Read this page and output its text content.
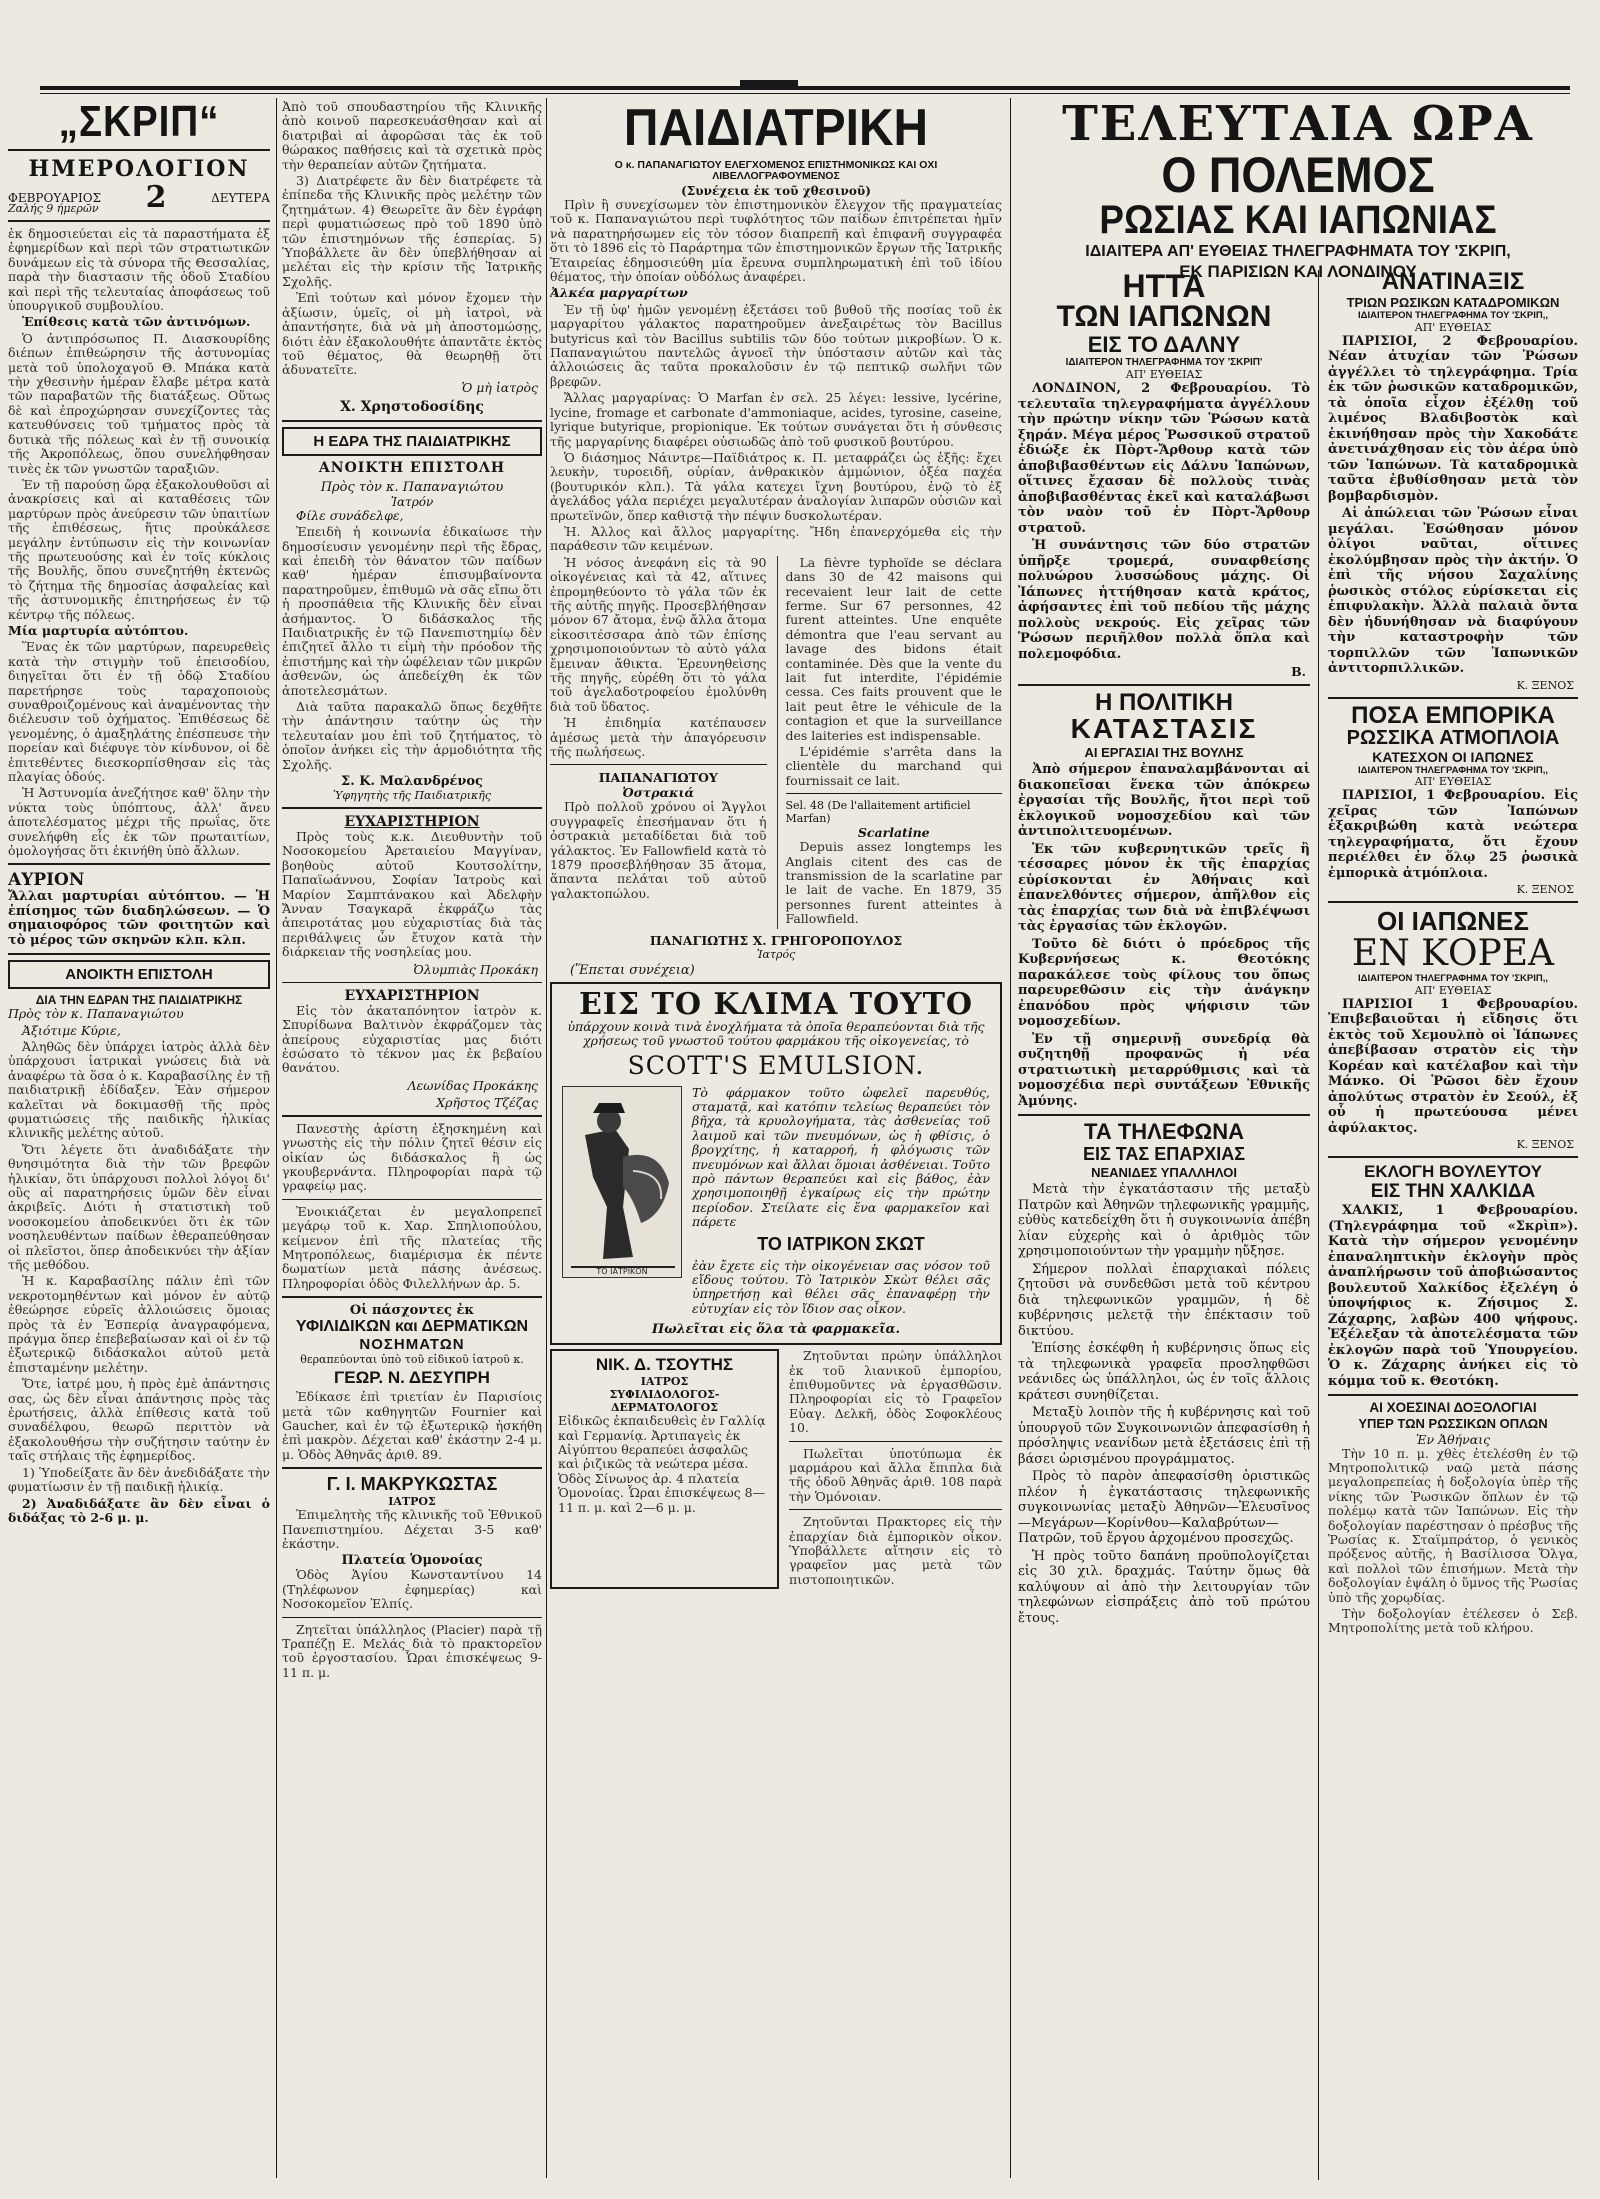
„ΣΚΡΙΠ“
ΗΜΕΡΟΛΟΓΙΟΝ
ΦΕΒΡΟΥΑΡΙΟΣ 2	ΔΕΥΤΕΡΑ
Ζαλής 9 ήμερῶν

ἐκ δημοσιεύεται εἰς τὰ παραστήματα ἐξ ἐφημερίδων καὶ περὶ τῶν στρατιωτικῶν δυνάμεων εἰς τὰ σύνορα τῆς Θεσσαλίας, παρὰ τὴν διαστασιν τῆς ὁδοῦ Σταδίου καὶ περὶ τῆς τελευταίας ἀποφάσεως τοῦ ὑπουργικοῦ συμβουλίου.

Ἐπίθεσις κατὰ τῶν ἀντινόμων.

Ὁ ἀντιπρόσωπος Π. Διασκουρίδης διέπων ἐπιθεώρησιν τῆς ἀστυνομίας μετὰ τοῦ ὑπολοχαγοῦ Θ. Μπάκα κατὰ τὴν χθεσινὴν ἡμέραν ἔλαβε μέτρα κατὰ τῶν παραβατῶν τῆς διατάξεως. Οὕτως δὲ καὶ ἐπροχώρησαν συνεχίζοντες τὰς κατευθύνσεις τοῦ τμήματος πρὸς τὰ δυτικὰ τῆς πόλεως καὶ ἐν τῇ συνοικίᾳ τῆς Ἀκροπόλεως, ὅπου συνελήφθησαν τινὲς ἐκ τῶν γνωστῶν ταραξιῶν.

Ἐν τῇ παρούσῃ ὥρᾳ ἐξακολουθοῦσι αἱ ἀνακρίσεις καὶ αἱ καταθέσεις τῶν μαρτύρων πρὸς ἀνεύρεσιν τῶν ὑπαιτίων τῆς ἐπιθέσεως, ἥτις προὐκάλεσε μεγάλην ἐντύπωσιν εἰς τὴν κοινωνίαν τῆς πρωτευούσης καὶ ἐν τοῖς κύκλοις τῆς Βουλῆς, ὅπου συνεζητήθη ἐκτενῶς τὸ ζήτημα τῆς δημοσίας ἀσφαλείας καὶ τῆς ἀστυνομικῆς ἐπιτηρήσεως ἐν τῷ κέντρῳ τῆς πόλεως.

Μία μαρτυρία αὐτόπτου.

Ἕνας ἐκ τῶν μαρτύρων, παρευρεθεὶς κατὰ τὴν στιγμὴν τοῦ ἐπεισοδίου, διηγεῖται ὅτι ἐν τῇ ὁδῷ Σταδίου παρετήρησε τοὺς ταραχοποιοὺς συναθροιζομένους καὶ ἀναμένοντας τὴν διέλευσιν τοῦ ὀχήματος. Ἐπιθέσεως δὲ γενομένης, ὁ ἀμαξηλάτης ἐπέσπευσε τὴν πορείαν καὶ διέφυγε τὸν κίνδυνον, οἱ δὲ ἐπιτεθέντες διεσκορπίσθησαν εἰς τὰς πλαγίας ὁδούς.

Ἡ Ἀστυνομία ἀνεζήτησε καθ' ὅλην τὴν νύκτα τοὺς ὑπόπτους, ἀλλ' ἄνευ ἀποτελέσματος μέχρι τῆς πρωΐας, ὅτε συνελήφθη εἷς ἐκ τῶν πρωταιτίων, ὁμολογήσας ὅτι ἐκινήθη ὑπὸ ἄλλων.

ΑΥΡΙΟΝ

Ἄλλαι μαρτυρίαι αὐτόπτου. — Ἡ ἐπίσημος τῶν διαδηλώσεων. — Ὁ σημαιοφόρος τῶν φοιτητῶν καὶ τὸ μέρος τῶν σκηνῶν κλπ. κλπ.

ΑΝΟΙΚΤΗ ΕΠΙΣΤΟΛΗ
ΔΙΑ ΤΗΝ ΕΔΡΑΝ ΤΗΣ ΠΑΙΔΙΑΤΡΙΚΗΣ

Πρὸς τὸν κ. Παπαναγιώτου

Ἀξιότιμε Κύριε,

Ἀληθῶς δὲν ὑπάρχει ἰατρὸς ἀλλὰ δὲν ὑπάρχουσι ἰατρικαὶ γνώσεις διὰ νὰ ἀναφέρω τὰ ὅσα ὁ κ. Καραβασίλης ἐν τῇ παιδιατρικῇ ἐδίδαξεν. Ἐὰν σήμερον καλεῖται νὰ δοκιμασθῇ τῆς πρὸς φυματιώσεις τῆς παιδικῆς ἡλικίας κλινικῆς μελέτης αὐτοῦ.

Ὅτι λέγετε ὅτι ἀναδιδάξατε τὴν θνησιμότητα διὰ τὴν τῶν βρεφῶν ἡλικίαν, ὅτι ὑπάρχουσι πολλοὶ λόγοι δι' οὓς αἱ παρατηρήσεις ὑμῶν δὲν εἶναι ἀκριβεῖς. Διότι ἡ στατιστικὴ τοῦ νοσοκομείου ἀποδεικνύει ὅτι ἐκ τῶν νοσηλευθέντων παίδων ἐθεραπεύθησαν οἱ πλεῖστοι, ὅπερ ἀποδεικνύει τὴν ἀξίαν τῆς μεθόδου.

Ἡ κ. Καραβασίλης πάλιν ἐπὶ τῶν νεκροτομηθέντων καὶ μόνον ἐν αὐτῷ ἐθεώρησε εὐρεῖς ἀλλοιώσεις ὅμοιας πρὸς τὰ ἐν Ἑσπερίᾳ ἀναγραφόμενα, πράγμα ὅπερ ἐπεβεβαίωσαν καὶ οἱ ἐν τῷ ἐξωτερικῷ διδάσκαλοι αὐτοῦ μετὰ ἐπισταμένην μελέτην.

Ὅτε, ἰατρέ μου, ἡ πρὸς ἐμὲ ἀπάντησις σας, ὡς δὲν εἶναι ἀπάντησις πρὸς τὰς ἐρωτήσεις, ἀλλὰ ἐπίθεσις κατὰ τοῦ συναδέλφου, θεωρῶ περιττὸν νὰ ἐξακολουθήσω τὴν συζήτησιν ταύτην ἐν ταῖς στήλαις τῆς ἐφημερίδος.

1) Ὑποδείξατε ἂν δὲν ἀνεδιδάξατε τὴν φυματίωσιν ἐν τῇ παιδικῇ ἡλικίᾳ.

2) Ἀναδιδάξατε ἂν δὲν εἶναι ὁ διδάξας τὸ 2-6 μ. μ.

Ἀπὸ τοῦ σπουδαστηρίου τῆς Κλινικῆς ἀπὸ κοινοῦ παρεσκευάσθησαν καὶ αἱ διατριβαὶ αἱ ἀφορῶσαι τὰς ἐκ τοῦ θώρακος παθήσεις καὶ τὰ σχετικὰ πρὸς τὴν θεραπείαν αὐτῶν ζητήματα.

3) Διατρέφετε ἂν δὲν διατρέφετε τὰ ἐπίπεδα τῆς Κλινικῆς πρὸς μελέτην τῶν ζητημάτων. 4) Θεωρεῖτε ἂν δὲν ἐγράφη περὶ φυματιώσεως πρὸ τοῦ 1890 ὑπὸ τῶν ἐπιστημόνων τῆς ἑσπερίας. 5) Ὑποβάλλετε ἂν δὲν ὑπεβλήθησαν αἱ μελέται εἰς τὴν κρίσιν τῆς Ἰατρικῆς Σχολῆς.

Ἐπὶ τούτων καὶ μόνον ἔχομεν τὴν ἀξίωσιν, ὑμεῖς, οἱ μὴ ἰατροὶ, νὰ ἀπαντήσητε, διὰ νὰ μὴ ἀποστομώσῃς, διότι ἐὰν ἐξακολουθήτε ἀπαντᾶτε ἐκτὸς τοῦ θέματος, θὰ θεωρηθῇ ὅτι ἀδυνατεῖτε.

Ὁ μὴ ἰατρὸς
Χ. Χρηστοδοσίδης
Η ΕΔΡΑ ΤΗΣ ΠΑΙΔΙΑΤΡΙΚΗΣ
ΑΝΟΙΚΤΗ ΕΠΙΣΤΟΛΗ
Πρὸς τὸν κ. Παπαναγιώτου
Ἰατρόν

Φίλε συνάδελφε,

Ἐπειδὴ ἡ κοινωνία ἐδικαίωσε τὴν δημοσίευσιν γενομένην περὶ τῆς ἔδρας, καὶ ἐπειδὴ τὸν θάνατον τῶν παίδων καθ' ἡμέραν ἐπισυμβαίνοντα παρατηροῦμεν, ἐπιθυμῶ νὰ σᾶς εἴπω ὅτι ἡ προσπάθεια τῆς Κλινικῆς δὲν εἶναι ἀσήμαντος. Ὁ διδάσκαλος τῆς Παιδιατρικῆς ἐν τῷ Πανεπιστημίῳ δὲν ἐπιζητεῖ ἄλλο τι εἰμὴ τὴν πρόοδον τῆς ἐπιστήμης καὶ τὴν ὠφέλειαν τῶν μικρῶν ἀσθενῶν, ὡς ἀπεδείχθη ἐκ τῶν ἀποτελεσμάτων.

Διὰ ταῦτα παρακαλῶ ὅπως δεχθῆτε τὴν ἀπάντησιν ταύτην ὡς τὴν τελευταίαν μου ἐπὶ τοῦ ζητήματος, τὸ ὁποῖον ἀνήκει εἰς τὴν ἁρμοδιότητα τῆς Σχολῆς.

Σ. Κ. Μαλανδρένος
Ὑφηγητὴς τῆς Παιδιατρικῆς
ΕΥΧΑΡΙΣΤΗΡΙΟΝ

Πρὸς τοὺς κ.κ. Διευθυντὴν τοῦ Νοσοκομείου Ἀρεταιείου Μαγγίναν, βοηθοὺς αὐτοῦ Κουτσολίτην, Παπαϊωάννου, Σοφίαν Ἰατροὺς καὶ Μαρίον Σαμπτάνακου καὶ Ἀδελφὴν Ἄνναν Τσαγκαρᾶ ἐκφράζω τὰς ἀπειροτάτας μου εὐχαριστίας διὰ τὰς περιθάλψεις ὧν ἔτυχον κατὰ τὴν διάρκειαν τῆς νοσηλείας μου.

Ὀλυμπιὰς Προκάκη
ΕΥΧΑΡΙΣΤΗΡΙΟΝ

Εἰς τὸν ἀκαταπόνητον ἰατρὸν κ. Σπυρίδωνα Βαλτινὸν ἐκφράζομεν τὰς ἀπείρους εὐχαριστίας μας διότι ἐσώσατο τὸ τέκνον μας ἐκ βεβαίου θανάτου.

Λεωνίδας Προκάκης
Χρῆστος Τζέζας

Πανεστὴς ἀρίστη ἐξησκημένη καὶ γνωστὴς εἰς τὴν πόλιν ζητεῖ θέσιν εἰς οἰκίαν ὡς διδάσκαλος ἢ ὡς γκουβερνάντα. Πληροφορίαι παρὰ τῷ γραφείῳ μας.

Ἐνοικιάζεται ἐν μεγαλοπρεπεῖ μεγάρῳ τοῦ κ. Χαρ. Σπηλιοπούλου, κείμενον ἐπὶ τῆς πλατείας τῆς Μητροπόλεως, διαμέρισμα ἐκ πέντε δωματίων μετὰ πάσης ἀνέσεως. Πληροφορίαι ὁδὸς Φιλελλήνων ἀρ. 5.

Οἱ πάσχοντες ἐκ
ΥΦΙΛΙΔΙΚΩΝ και ΔΕΡΜΑΤΙΚΩΝ
ΝΟΣΗΜΑΤΩΝ
θεραπεύονται ὑπὸ τοῦ εἰδικοῦ ἰατροῦ κ.
ΓΕΩΡ. Ν. ΔΕΣΥΠΡΗ

Ἐδίκασε ἐπὶ τριετίαν ἐν Παρισίοις μετὰ τῶν καθηγητῶν Fournier καὶ Gaucher, καὶ ἐν τῷ ἐξωτερικῷ ἠσκήθη ἐπὶ μακρὸν. Δέχεται καθ' ἑκάστην 2-4 μ. μ. Ὁδὸς Ἀθηνᾶς ἀριθ. 89.

Γ. Ι. ΜΑΚΡΥΚΩΣΤΑΣ
ΙΑΤΡΟΣ

Ἐπιμελητὴς τῆς κλινικῆς τοῦ Ἐθνικοῦ Πανεπιστημίου. Δέχεται 3-5 καθ' ἑκάστην.

Πλατεία Ὁμονοίας

Ὁδὸς Ἁγίου Κωνσταντίνου 14 (Τηλέφωνον ἐφημερίας) καὶ Νοσοκομεῖον Ἐλπίς.

Ζητεῖται ὑπάλληλος (Placier) παρὰ τῇ Τραπέζῃ Ε. Μελάς διὰ τὸ πρακτορεῖον τοῦ ἐργοστασίου. Ὧραι ἐπισκέψεως 9-11 π. μ.

ΠΑΙΔΙΑΤΡΙΚΗ
Ο κ. ΠΑΠΑΝΑΓΙΩΤΟΥ ΕΛΕΓΧΟΜΕΝΟΣ ΕΠΙΣΤΗΜΟΝΙΚΩΣ ΚΑΙ ΟΧΙ ΛΙΒΕΛΛΟΓΡΑΦΟΥΜΕΝΟΣ
(Συνέχεια ἐκ τοῦ χθεσινοῦ)

Πρὶν ἢ συνεχίσωμεν τὸν ἐπιστημονικὸν ἔλεγχον τῆς πραγματείας τοῦ κ. Παπαναγιώτου περὶ τυφλότητος τῶν παίδων ἐπιτρέπεται ἡμῖν νὰ παρατηρήσωμεν εἰς τὸν τόσον διαπρεπῆ καὶ ἐπιφανῆ συγγραφέα ὅτι τὸ 1896 εἰς τὸ Παράρτημα τῶν ἐπιστημονικῶν ἔργων τῆς Ἰατρικῆς Ἑταιρείας ἐδημοσιεύθη μία ἔρευνα συμπληρωματικὴ ἐπὶ τοῦ ἰδίου θέματος, τὴν ὁποίαν οὐδόλως ἀναφέρει.

Ἀλκέα μαργαρίτων

Ἐν τῇ ὑφ' ἡμῶν γενομένῃ ἐξετάσει τοῦ βυθοῦ τῆς ποσίας τοῦ ἐκ μαργαρίτου γάλακτος παρατηροῦμεν ἀνεξαιρέτως τὸν Bacillus butyricus καὶ τὸν Bacillus subtilis τῶν δύο τούτων μικροβίων. Ὁ κ. Παπαναγιώτου παντελῶς ἀγνοεῖ τὴν ὑπόστασιν αὐτῶν καὶ τὰς ἀλλοιώσεις ἃς ταῦτα προκαλοῦσιν ἐν τῷ πεπτικῷ σωλῆνι τῶν βρεφῶν.

Ἄλλας μαργαρίνας: Ὁ Marfan ἐν σελ. 25 λέγει: lessive, lycérine, lycine, fromage et carbonate d'ammoniaque, acides, tyrosine, caseine, lyrique butyrique, propionique. Ἐκ τούτων συνάγεται ὅτι ἡ σύνθεσις τῆς μαργαρίνης διαφέρει οὐσιωδῶς ἀπὸ τοῦ φυσικοῦ βουτύρου.

Ὁ διάσημος Νάιντρε—Παϊδιάτρος κ. Π. μεταφράζει ὡς ἑξῆς: ἔχει λευκὴν, τυροειδῆ, οὐρίαν, ἀνθρακικὸν ἀμμώνιον, ὀξέα παχέα (βουτυρικόν κλπ.). Τὰ γάλα κατεχει ἴχνη βουτύρου, ἐνῷ τὸ ἐξ ἀγελάδος γάλα περιέχει μεγαλυτέραν ἀναλογίαν λιπαρῶν οὐσιῶν καὶ πρωτεϊνῶν, ὅπερ καθιστᾷ τὴν πέψιν δυσκολωτέραν.

Ἠ. Ἀλλος καὶ ἄλλος μαργαρίτης. Ἤδη ἐπανερχόμεθα εἰς τὴν παράθεσιν τῶν κειμένων.

Ἡ νόσος ἀνεφάνη εἰς τὰ 90 οἰκογένειας καὶ τὰ 42, αἵτινες ἐπρομηθεύοντο τὸ γάλα τῶν ἐκ τῆς αὐτῆς πηγῆς. Προσεβλήθησαν μόνον 67 ἄτομα, ἐνῷ ἄλλα ἄτομα εἰκοσιτέσσαρα ἀπὸ τῶν ἐπίσης χρησιμοποιούντων τὸ αὐτὸ γάλα ἔμειναν ἄθικτα. Ἐρευνηθεὶσης τῆς πηγῆς, εὑρέθη ὅτι τὸ γάλα τοῦ ἀγελαδοτροφείου ἐμολύνθη διὰ τοῦ ὕδατος.

Ἡ ἐπιδημία κατέπαυσεν ἀμέσως μετὰ τὴν ἀπαγόρευσιν τῆς πωλήσεως.

ΠΑΠΑΝΑΓΙΩΤΟΥ
Ὀστρακιά

Πρὸ πολλοῦ χρόνου οἱ Ἄγγλοι συγγραφεῖς ἐπεσήμαναν ὅτι ἡ ὀστρακιὰ μεταδίδεται διὰ τοῦ γάλακτος. Ἐν Fallowfield κατὰ τὸ 1879 προσεβλήθησαν 35 ἄτομα, ἅπαντα πελάται τοῦ αὐτοῦ γαλακτοπώλου.

La fièvre typhoïde se déclara dans 30 de 42 maisons qui recevaient leur lait de cette ferme. Sur 67 personnes, 42 furent atteintes. Une enquête démontra que l'eau servant au lavage des bidons était contaminée. Dès que la vente du lait fut interdite, l'épidémie cessa. Ces faits prouvent que le lait peut être le véhicule de la contagion et que la surveillance des laiteries est indispensable.

L'épidémie s'arrêta dans la clientèle du marchand qui fournissait ce lait.

Sel. 48 (De l'allaitement artificiel Marfan)
Scarlatine

Depuis assez longtemps les Anglais citent des cas de transmission de la scarlatine par le lait de vache. En 1879, 35 personnes furent atteintes à Fallowfield.

ΠΑΝΑΓΙΩΤΗΣ Χ. ΓΡΗΓΟΡΟΠΟΥΛΟΣ
Ἰατρός
(Ἕπεται συνέχεια)
ΕΙΣ ΤΟ ΚΛΙΜΑ ΤΟΥΤΟ

ὑπάρχουν κοινὰ τινὰ ἐνοχλήματα τὰ ὁποῖα θεραπεύονται διὰ τῆς χρήσεως τοῦ γνωστοῦ τούτου φαρμάκου τῆς οἰκογενείας, τὸ

SCOTT'S EMULSION.
ΤΟ ΙΑΤΡΙΚΟΝ

Τὸ φάρμακον τοῦτο ὠφελεῖ παρευθύς, σταματᾷ, καὶ κατόπιν τελείως θεραπεύει τὸν βῆχα, τὰ κρυολογήματα, τὰς ἀσθενείας τοῦ λαιμοῦ καὶ τῶν πνευμόνων, ὡς ἡ φθίσις, ὁ βρογχίτης, ἡ καταρροή, ἡ φλόγωσις τῶν πνευμόνων καὶ ἄλλαι ὅμοιαι ἀσθένειαι. Τοῦτο πρὸ πάντων θεραπεύει καὶ εἰς βάθος, ἐὰν χρησιμοποιηθῇ ἐγκαίρως εἰς τὴν πρώτην περίοδον. Στείλατε εἰς ἕνα φαρμακεῖον καὶ πάρετε

ΤΟ ΙΑΤΡΙΚΟΝ ΣΚΩΤ

ἐὰν ἔχετε εἰς τὴν οἰκογένειαν σας νόσον τοῦ εἴδους τούτου. Τὸ Ἰατρικὸν Σκὼτ θέλει σᾶς ὑπηρετήσῃ καὶ θέλει σᾶς ἐπαναφέρῃ τὴν εὐτυχίαν εἰς τὸν ἴδιον σας οἶκον.

Πωλεῖται εἰς ὅλα τὰ φαρμακεῖα.
ΝΙΚ. Δ. ΤΣΟΥΤΗΣ
ΙΑΤΡΟΣ
ΣΥΦΙΛΙΔΟΛΟΓΟΣ-ΔΕΡΜΑΤΟΛΟΓΟΣ

Εἰδικῶς ἐκπαιδευθεὶς ἐν Γαλλίᾳ καὶ Γερμανίᾳ. Ἀρτιπαγεὶς ἐκ Αἰγύπτου θεραπεύει ἀσφαλῶς καὶ ῥιζικῶς τὰ νεώτερα μέσα. Ὁδὸς Σίνωνος ἀρ. 4 πλατεία Ὁμονοίας. Ὧραι ἐπισκέψεως 8—11 π. μ. καὶ 2—6 μ. μ.

Ζητοῦνται πρώην ὑπάλληλοι ἐκ τοῦ λιανικοῦ ἐμπορίου, ἐπιθυμοῦντες νὰ ἐργασθῶσιν. Πληροφορίαι εἰς τὸ Γραφεῖον Εὐαγ. Δελκῆ, ὁδὸς Σοφοκλέους 10.

Πωλεῖται ὑποτύπωμα ἐκ μαρμάρου καὶ ἄλλα ἔπιπλα διὰ τῆς ὁδοῦ Ἀθηνᾶς ἀριθ. 108 παρὰ τὴν Ὁμόνοιαν.

Ζητοῦνται Πρακτορες εἰς τὴν ἐπαρχίαν διὰ ἐμπορικὸν οἶκον. Ὑποβάλλετε αἴτησιν εἰς τὸ γραφεῖον μας μετὰ τῶν πιστοποιητικῶν.

ΤΕΛΕΥΤΑΙΑ ΩΡΑ
Ο ΠΟΛΕΜΟΣ
ΡΩΣΙΑΣ ΚΑΙ ΙΑΠΩΝΙΑΣ
ΙΔΙΑΙΤΕΡΑ ΑΠ' ΕΥΘΕΙΑΣ ΤΗΛΕΓΡΑΦΗΜΑΤΑ ΤΟΥ 'ΣΚΡΙΠ,
ΕΚ ΠΑΡΙΣΙΩΝ ΚΑΙ ΛΟΝΔΙΝΟΥ
ΗΤΤΑ
ΤΩΝ ΙΑΠΩΝΩΝ
ΕΙΣ ΤΟ ΔΑΛΝΥ
ΙΔΙΑΙΤΕΡΟΝ ΤΗΛΕΓΡΑΦΗΜΑ ΤΟΥ 'ΣΚΡΙΠ'
ΑΠ' ΕΥΘΕΙΑΣ

ΛΟΝΔΙΝΟΝ, 2 Φεβρουαρίου. Τὸ τελευταῖα τηλεγραφήματα ἀγγέλλουν τὴν πρώτην νίκην τῶν Ῥώσων κατὰ ξηράν. Μέγα μέρος Ῥωσσικοῦ στρατοῦ ἐδιώξε ἐκ Πὸρτ-Ἄρθουρ κατὰ τῶν ἀποβιβασθέντων εἰς Δάλνυ Ἰαπώνων, οἵτινες ἔχασαν δὲ πολλοὺς τινὰς ἀποβιβασθέντας ἐκεῖ καὶ καταλάβωσι τὸν ναὸν τοῦ ἐν Πὸρτ-Ἄρθουρ στρατοῦ.

Ἡ συνάντησις τῶν δύο στρατῶν ὑπῆρξε τρομερά, συναφθείσης πολυώρου λυσσώδους μάχης. Οἱ Ἰάπωνες ἡττήθησαν κατὰ κράτος, ἀφήσαντες ἐπὶ τοῦ πεδίου τῆς μάχης πολλοὺς νεκρούς. Εἰς χεῖρας τῶν Ῥώσων περιῆλθον πολλὰ ὅπλα καὶ πολεμοφόδια.

Β.
Η ΠΟΛΙΤΙΚΗ
ΚΑΤΑΣΤΑΣΙΣ
ΑΙ ΕΡΓΑΣΙΑΙ ΤΗΣ ΒΟΥΛΗΣ

Ἀπὸ σήμερον ἐπαναλαμβάνονται αἱ διακοπεῖσαι ἕνεκα τῶν ἀπόκρεω ἐργασίαι τῆς Βουλῆς, ἤτοι περὶ τοῦ ἐκλογικοῦ νομοσχεδίου καὶ τῶν ἀντιπολιτευομένων.

Ἐκ τῶν κυβερνητικῶν τρεῖς ἢ τέσσαρες μόνον ἐκ τῆς ἐπαρχίας εὑρίσκονται ἐν Ἀθήναις καὶ ἐπανελθόντες σήμερον, ἀπῆλθον εἰς τὰς ἐπαρχίας των διὰ νὰ ἐπιβλέψωσι τὰς ἐργασίας τῶν ἐκλογῶν.

Τοῦτο δὲ διότι ὁ πρόεδρος τῆς Κυβερνήσεως κ. Θεοτόκης παρακάλεσε τοὺς φίλους του ὅπως παρευρεθῶσιν εἰς τὴν ἀνάγκην ἐπανόδου πρὸς ψήφισιν τῶν νομοσχεδίων.

Ἐν τῇ σημερινῇ συνεδρίᾳ θὰ συζητηθῇ προφανῶς ἡ νέα στρατιωτικὴ μεταρρύθμισις καὶ τὰ νομοσχέδια περὶ συντάξεων Ἐθνικῆς Ἀμύνης.

ΤΑ ΤΗΛΕΦΩΝΑ
ΕΙΣ ΤΑΣ ΕΠΑΡΧΙΑΣ
ΝΕΑΝΙΔΕΣ ΥΠΑΛΛΗΛΟΙ

Μετὰ τὴν ἐγκατάστασιν τῆς μεταξὺ Πατρῶν καὶ Ἀθηνῶν τηλεφωνικῆς γραμμῆς, εὐθὺς κατεδείχθη ὅτι ἡ συγκοινωνία ἀπέβη λίαν εὐχερὴς καὶ ὁ ἀριθμὸς τῶν χρησιμοποιούντων τὴν γραμμὴν ηὔξησε.

Σήμερον πολλαὶ ἐπαρχιακαὶ πόλεις ζητοῦσι νὰ συνδεθῶσι μετὰ τοῦ κέντρου διὰ τηλεφωνικῶν γραμμῶν, ἡ δὲ κυβέρνησις μελετᾷ τὴν ἐπέκτασιν τοῦ δικτύου.

Ἐπίσης ἐσκέφθη ἡ κυβέρνησις ὅπως εἰς τὰ τηλεφωνικὰ γραφεῖα προσληφθῶσι νεάνιδες ὡς ὑπάλληλοι, ὡς ἐν τοῖς ἄλλοις κράτεσι συνηθίζεται.

Μεταξὺ λοιπὸν τῆς ἡ κυβέρνησις καὶ τοῦ ὑπουργοῦ τῶν Συγκοινωνιῶν ἀπεφασίσθη ἡ πρόσληψις νεανίδων μετὰ ἐξετάσεις ἐπὶ τῇ βάσει ὡρισμένου προγράμματος.

Πρὸς τὸ παρὸν ἀπεφασίσθη ὁριστικῶς πλέον ἡ ἐγκατάστασις τηλεφωνικῆς συγκοινωνίας μεταξὺ Ἀθηνῶν—Ἐλευσῖνος—Μεγάρων—Κορίνθου—Καλαβρύτων—Πατρῶν, τοῦ ἔργου ἀρχομένου προσεχῶς.

Ἡ πρὸς τοῦτο δαπάνη προϋπολογίζεται εἰς 30 χιλ. δραχμάς. Ταύτην ὅμως θὰ καλύψουν αἱ ἀπὸ τὴν λειτουργίαν τῶν τηλεφώνων εἰσπράξεις ἀπὸ τοῦ πρώτου ἔτους.

ΑΝΑΤΙΝΑΞΙΣ
ΤΡΙΩΝ ΡΩΣΙΚΩΝ ΚΑΤΑΔΡΟΜΙΚΩΝ
ΙΔΙΑΙΤΕΡΟΝ ΤΗΛΕΓΡΑΦΗΜΑ ΤΟΥ 'ΣΚΡΙΠ,,
ΑΠ' ΕΥΘΕΙΑΣ

ΠΑΡΙΣΙΟΙ, 2 Φεβρουαρίου. Νέαν ἀτυχίαν τῶν Ῥώσων ἀγγέλλει τὸ τηλεγράφημα. Τρία ἐκ τῶν ῥωσικῶν καταδρομικῶν, τὰ ὁποῖα εἶχον ἐξέλθῃ τοῦ λιμένος Βλαδιβοστὸκ καὶ ἐκινήθησαν πρὸς τὴν Χακοδάτε ἀνετινάχθησαν εἰς τὸν ἀέρα ὑπὸ τῶν Ἰαπώνων. Τὰ καταδρομικὰ ταῦτα ἐβυθίσθησαν μετὰ τὸν βομβαρδισμὸν.

Αἱ ἀπώλειαι τῶν Ῥώσων εἶναι μεγάλαι. Ἐσώθησαν μόνον ὀλίγοι ναῦται, οἵτινες ἐκολύμβησαν πρὸς τὴν ἀκτήν. Ὁ ἐπὶ τῆς νήσου Σαχαλίνης ῥωσικὸς στόλος εὑρίσκεται εἰς ἐπιφυλακὴν. Ἀλλὰ παλαιὰ ὄντα δὲν ἠδυνήθησαν νὰ διαφύγουν τὴν καταστροφὴν τῶν τορπιλλῶν τῶν Ἰαπωνικῶν ἀντιτορπιλλικῶν.

Κ. ΞΕΝΟΣ
ΠΟΣΑ ΕΜΠΟΡΙΚΑ
ΡΩΣΣΙΚΑ ΑΤΜΟΠΛΟΙΑ
ΚΑΤΕΣΧΟΝ ΟΙ ΙΑΠΩΝΕΣ
ΙΔΙΑΙΤΕΡΟΝ ΤΗΛΕΓΡΑΦΗΜΑ ΤΟΥ 'ΣΚΡΙΠ,,
ΑΠ' ΕΥΘΕΙΑΣ

ΠΑΡΙΣΙΟΙ, 1 Φεβρουαρίου. Εἰς χεῖρας τῶν Ἰαπώνων ἐξακριβώθη κατὰ νεώτερα τηλεγραφήματα, ὅτι ἔχουν περιέλθει ἐν ὅλῳ 25 ῥωσικὰ ἐμπορικὰ ἀτμόπλοια.

Κ. ΞΕΝΟΣ
ΟΙ ΙΑΠΩΝΕΣ
ΕΝ ΚΟΡΕΑ
ΙΔΙΑΙΤΕΡΟΝ ΤΗΛΕΓΡΑΦΗΜΑ ΤΟΥ 'ΣΚΡΙΠ,,
ΑΠ' ΕΥΘΕΙΑΣ

ΠΑΡΙΣΙΟΙ 1 Φεβρουαρίου. Ἐπιβεβαιοῦται ἡ εἴδησις ὅτι ἐκτὸς τοῦ Χεμουλπὸ οἱ Ἰάπωνες ἀπεβίβασαν στρατὸν εἰς τὴν Κορέαν καὶ κατέλαβον καὶ τὴν Μάνκο. Οἱ Ῥῶσοι δὲν ἔχουν ἀπολύτως στρατὸν ἐν Σεούλ, ἐξ οὗ ἡ πρωτεύουσα μένει ἀφύλακτος.

Κ. ΞΕΝΟΣ
ΕΚΛΟΓΗ ΒΟΥΛΕΥΤΟΥ
ΕΙΣ ΤΗΝ ΧΑΛΚΙΔΑ

ΧΑΛΚΙΣ, 1 Φεβρουαρίου. (Τηλεγράφημα τοῦ «Σκρὶπ»). Κατὰ τὴν σήμερον γενομένην ἐπαναληπτικὴν ἐκλογὴν πρὸς ἀναπλήρωσιν τοῦ ἀποβιώσαντος βουλευτοῦ Χαλκίδος ἐξελέγη ὁ ὑποψήφιος κ. Ζήσιμος Σ. Ζάχαρης, λαβὼν 400 ψήφους. Ἐξέλεξαν τὰ ἀποτελέσματα τῶν ἐκλογῶν παρὰ τοῦ Ὑπουργείου. Ὁ κ. Ζάχαρης ἀνήκει εἰς τὸ κόμμα τοῦ κ. Θεοτόκη.

ΑΙ ΧΟΕΣΙΝΑΙ ΔΟΞΟΛΟΓΙΑΙ
ΥΠΕΡ ΤΩΝ ΡΩΣΣΙΚΩΝ ΟΠΛΩΝ
Ἐν Ἀθήναις

Τὴν 10 π. μ. χθὲς ἐτελέσθη ἐν τῷ Μητροπολιτικῷ ναῷ μετὰ πάσης μεγαλοπρεπείας ἡ δοξολογία ὑπὲρ τῆς νίκης τῶν Ῥωσικῶν ὅπλων ἐν τῷ πολέμῳ κατὰ τῶν Ἰαπώνων. Εἰς τὴν δοξολογίαν παρέστησαν ὁ πρέσβυς τῆς Ῥωσίας κ. Σταϊμπράτορ, ὁ γενικὸς πρόξενος αὐτῆς, ἡ Βασίλισσα Ὄλγα, καὶ πολλοὶ τῶν ἐπισήμων. Μετὰ τὴν δοξολογίαν ἐψάλη ὁ ὕμνος τῆς Ῥωσίας ὑπὸ τῆς χορῳδίας.

Τὴν δοξολογίαν ἐτέλεσεν ὁ Σεβ. Μητροπολίτης μετὰ τοῦ κλήρου.
